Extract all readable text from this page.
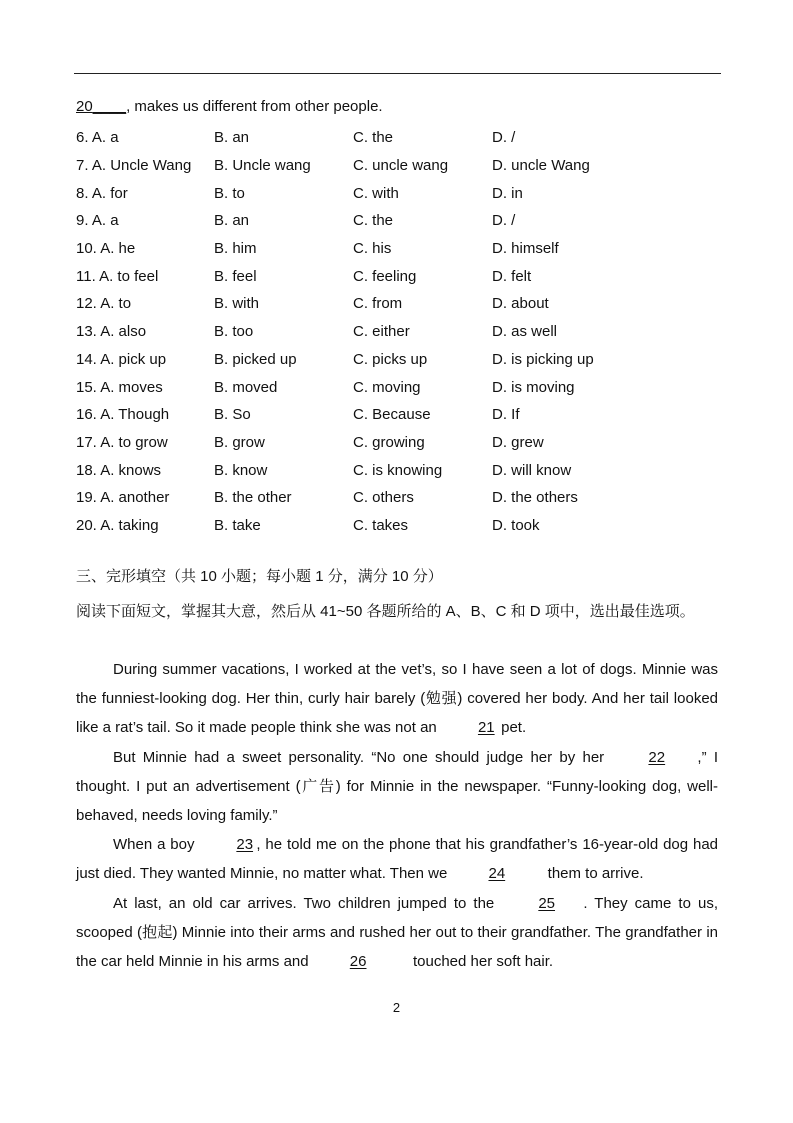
20____, makes us different from other people.
6. A. a	B. an	C. the	D. /
7. A. Uncle Wang	B. Uncle wang	C. uncle wang	D. uncle Wang
8. A. for	B. to	C. with	D. in
9. A. a	B. an	C. the	D. /
10. A. he	B. him	C. his	D. himself
11. A. to feel	B. feel	C. feeling	D. felt
12. A. to	B. with	C. from	D. about
13. A. also	B. too	C. either	D. as well
14. A. pick up	B. picked up	C. picks up	D. is picking up
15. A. moves	B. moved	C. moving	D. is moving
16. A. Though	B. So	C. Because	D. If
17. A. to grow	B. grow	C. growing	D. grew
18. A. knows	B. know	C. is knowing	D. will know
19. A. another	B. the other	C. others	D. the others
20. A. taking	B. take	C. takes	D. took
三、完形填空（共 10 小题；每小题 1 分，满分 10 分）
阅读下面短文，掌握其大意，然后从 41~50 各题所给的 A、B、C 和 D 项中，选出最佳选项。

During summer vacations, I worked at the vet’s, so I have seen a lot of dogs. Minnie was the funniest-looking dog. Her thin, curly hair barely (勉强) covered her body. And her tail looked like a rat’s tail. So it made people think she was not an 21 pet.

But Minnie had a sweet personality. “No one should judge her by her 22 ,” I thought. I put an advertisement (广告) for Minnie in the newspaper. “Funny-looking dog, well-behaved, needs loving family.”

When a boy 23 , he told me on the phone that his grandfather’s 16-year-old dog had just died. They wanted Minnie, no matter what. Then we 24	them to arrive.

At last, an old car arrives. Two children jumped to the 25 . They came to us, scooped (抱起) Minnie into their arms and rushed her out to their grandfather. The grandfather in the car held Minnie in his arms and 26	touched her soft hair.

2
